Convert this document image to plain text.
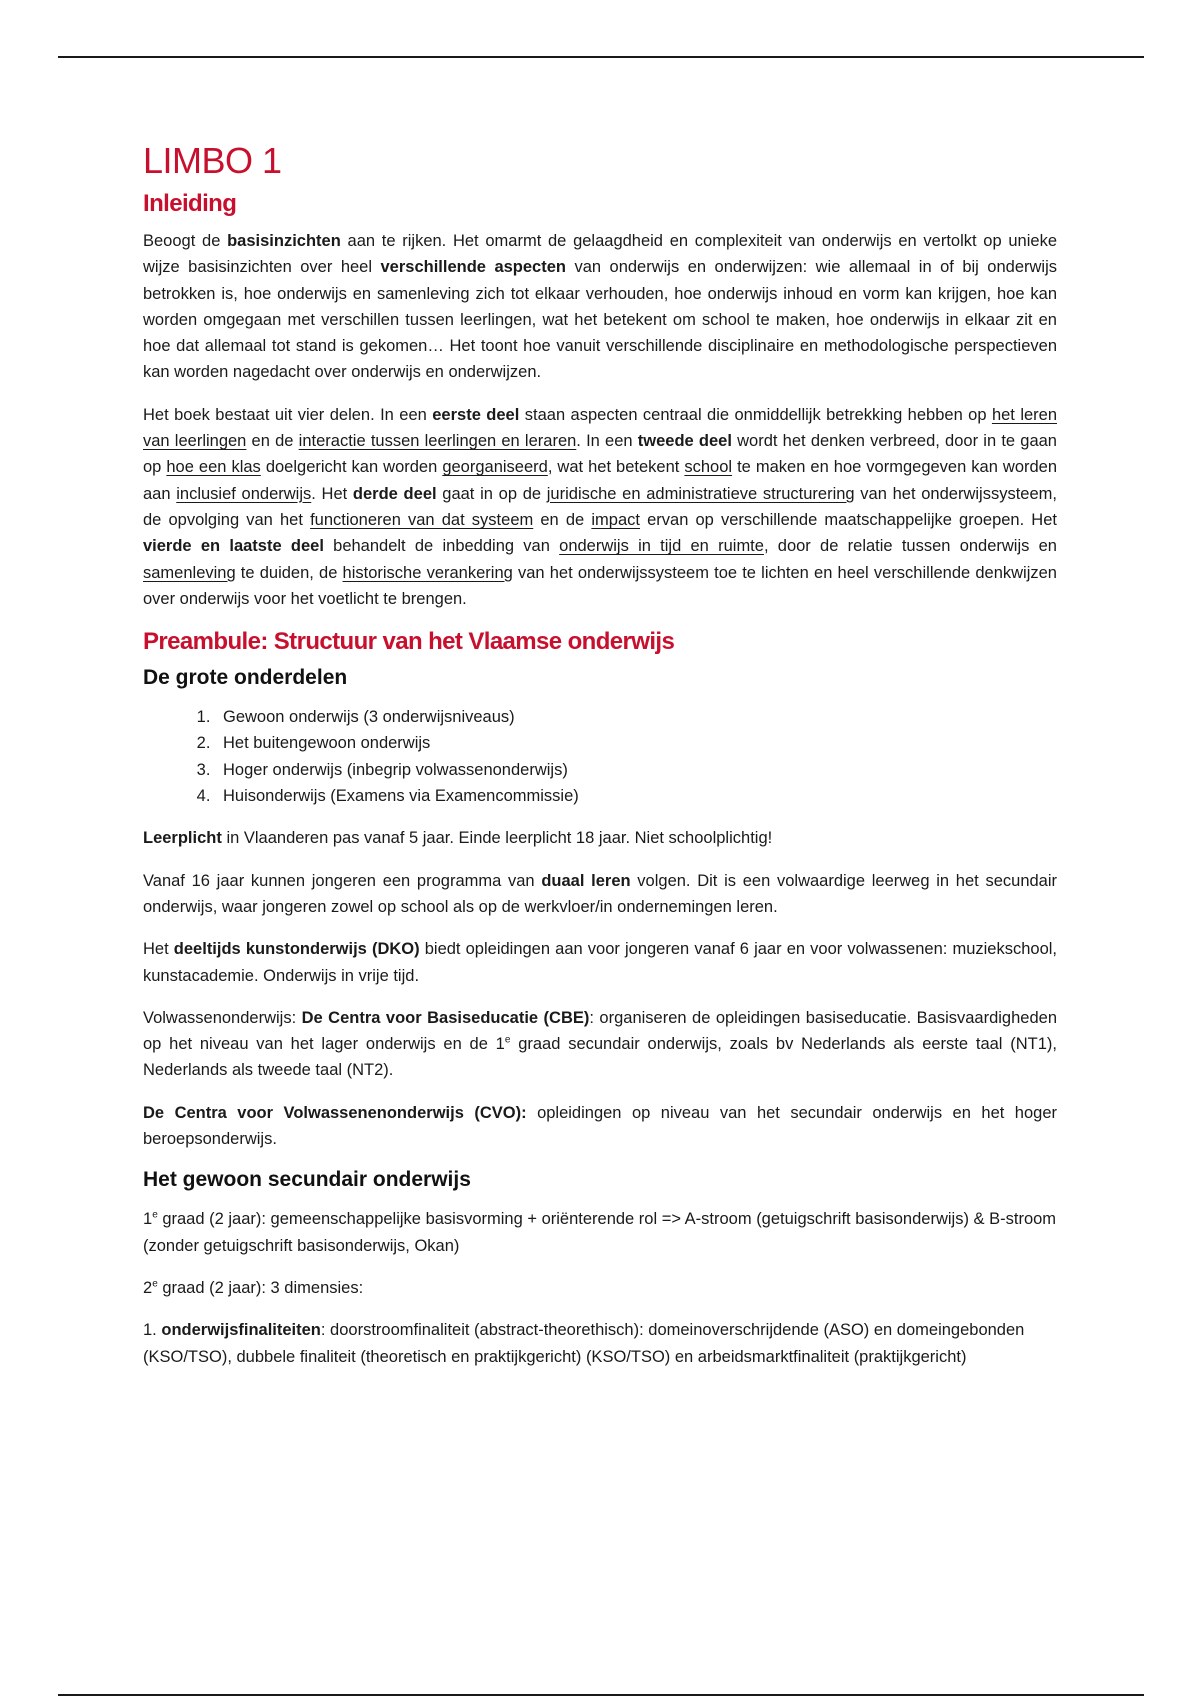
LIMBO 1
Inleiding

Beoogt de basisinzichten aan te rijken. Het omarmt de gelaagdheid en complexiteit van onderwijs en vertolkt op unieke wijze basisinzichten over heel verschillende aspecten van onderwijs en onderwijzen: wie allemaal in of bij onderwijs betrokken is, hoe onderwijs en samenleving zich tot elkaar verhouden, hoe onderwijs inhoud en vorm kan krijgen, hoe kan worden omgegaan met verschillen tussen leerlingen, wat het betekent om school te maken, hoe onderwijs in elkaar zit en hoe dat allemaal tot stand is gekomen… Het toont hoe vanuit verschillende disciplinaire en methodologische perspectieven kan worden nagedacht over onderwijs en onderwijzen.

Het boek bestaat uit vier delen. In een eerste deel staan aspecten centraal die onmiddellijk betrekking hebben op het leren van leerlingen en de interactie tussen leerlingen en leraren. In een tweede deel wordt het denken verbreed, door in te gaan op hoe een klas doelgericht kan worden georganiseerd, wat het betekent school te maken en hoe vormgegeven kan worden aan inclusief onderwijs. Het derde deel gaat in op de juridische en administratieve structurering van het onderwijssysteem, de opvolging van het functioneren van dat systeem en de impact ervan op verschillende maatschappelijke groepen. Het vierde en laatste deel behandelt de inbedding van onderwijs in tijd en ruimte, door de relatie tussen onderwijs en samenleving te duiden, de historische verankering van het onderwijssysteem toe te lichten en heel verschillende denkwijzen over onderwijs voor het voetlicht te brengen.

Preambule: Structuur van het Vlaamse onderwijs
De grote onderdelen
1. Gewoon onderwijs (3 onderwijsniveaus)
2. Het buitengewoon onderwijs
3. Hoger onderwijs (inbegrip volwassenonderwijs)
4. Huisonderwijs (Examens via Examencommissie)

Leerplicht in Vlaanderen pas vanaf 5 jaar. Einde leerplicht 18 jaar. Niet schoolplichtig!

Vanaf 16 jaar kunnen jongeren een programma van duaal leren volgen. Dit is een volwaardige leerweg in het secundair onderwijs, waar jongeren zowel op school als op de werkvloer/in ondernemingen leren.

Het deeltijds kunstonderwijs (DKO) biedt opleidingen aan voor jongeren vanaf 6 jaar en voor volwassenen: muziekschool, kunstacademie. Onderwijs in vrije tijd.

Volwassenonderwijs: De Centra voor Basiseducatie (CBE): organiseren de opleidingen basiseducatie. Basisvaardigheden op het niveau van het lager onderwijs en de 1e graad secundair onderwijs, zoals bv Nederlands als eerste taal (NT1), Nederlands als tweede taal (NT2).

De Centra voor Volwassenenonderwijs (CVO): opleidingen op niveau van het secundair onderwijs en het hoger beroepsonderwijs.

Het gewoon secundair onderwijs

1e graad (2 jaar): gemeenschappelijke basisvorming + oriënterende rol => A-stroom (getuigschrift basisonderwijs) & B-stroom (zonder getuigschrift basisonderwijs, Okan)

2e graad (2 jaar): 3 dimensies:

1. onderwijsfinaliteiten: doorstroomfinaliteit (abstract-theorethisch): domeinoverschrijdende (ASO) en domeingebonden (KSO/TSO), dubbele finaliteit (theoretisch en praktijkgericht) (KSO/TSO) en arbeidsmarktfinaliteit (praktijkgericht)
